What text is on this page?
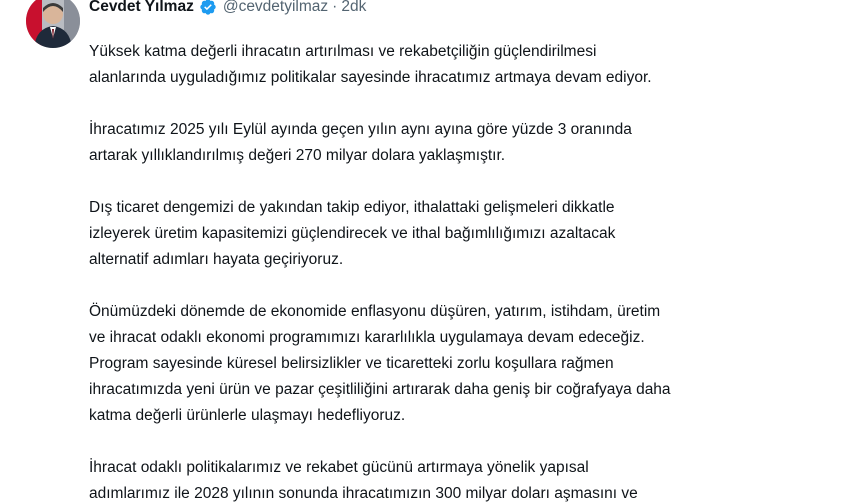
Cevdet Yılmaz @cevdetyilmaz · 2dk
Yüksek katma değerli ihracatın artırılması ve rekabetçiliğin güçlendirilmesi
alanlarında uyguladığımız politikalar sayesinde ihracatımız artmaya devam ediyor.
İhracatımız 2025 yılı Eylül ayında geçen yılın aynı ayına göre yüzde 3 oranında
artarak yıllıklandırılmış değeri 270 milyar dolara yaklaşmıştır.
Dış ticaret dengemizi de yakından takip ediyor, ithalattaki gelişmeleri dikkatle
izleyerek üretim kapasitemizi güçlendirecek ve ithal bağımlılığımızı azaltacak
alternatif adımları hayata geçiriyoruz.
Önümüzdeki dönemde de ekonomide enflasyonu düşüren, yatırım, istihdam, üretim
ve ihracat odaklı ekonomi programımızı kararlılıkla uygulamaya devam edeceğiz.
Program sayesinde küresel belirsizlikler ve ticaretteki zorlu koşullara rağmen
ihracatımızda yeni ürün ve pazar çeşitliliğini artırarak daha geniş bir coğrafyaya daha
katma değerli ürünlerle ulaşmayı hedefliyoruz.
İhracat odaklı politikalarımız ve rekabet gücünü artırmaya yönelik yapısal
adımlarımız ile 2028 yılının sonunda ihracatımızın 300 milyar doları aşmasını ve
